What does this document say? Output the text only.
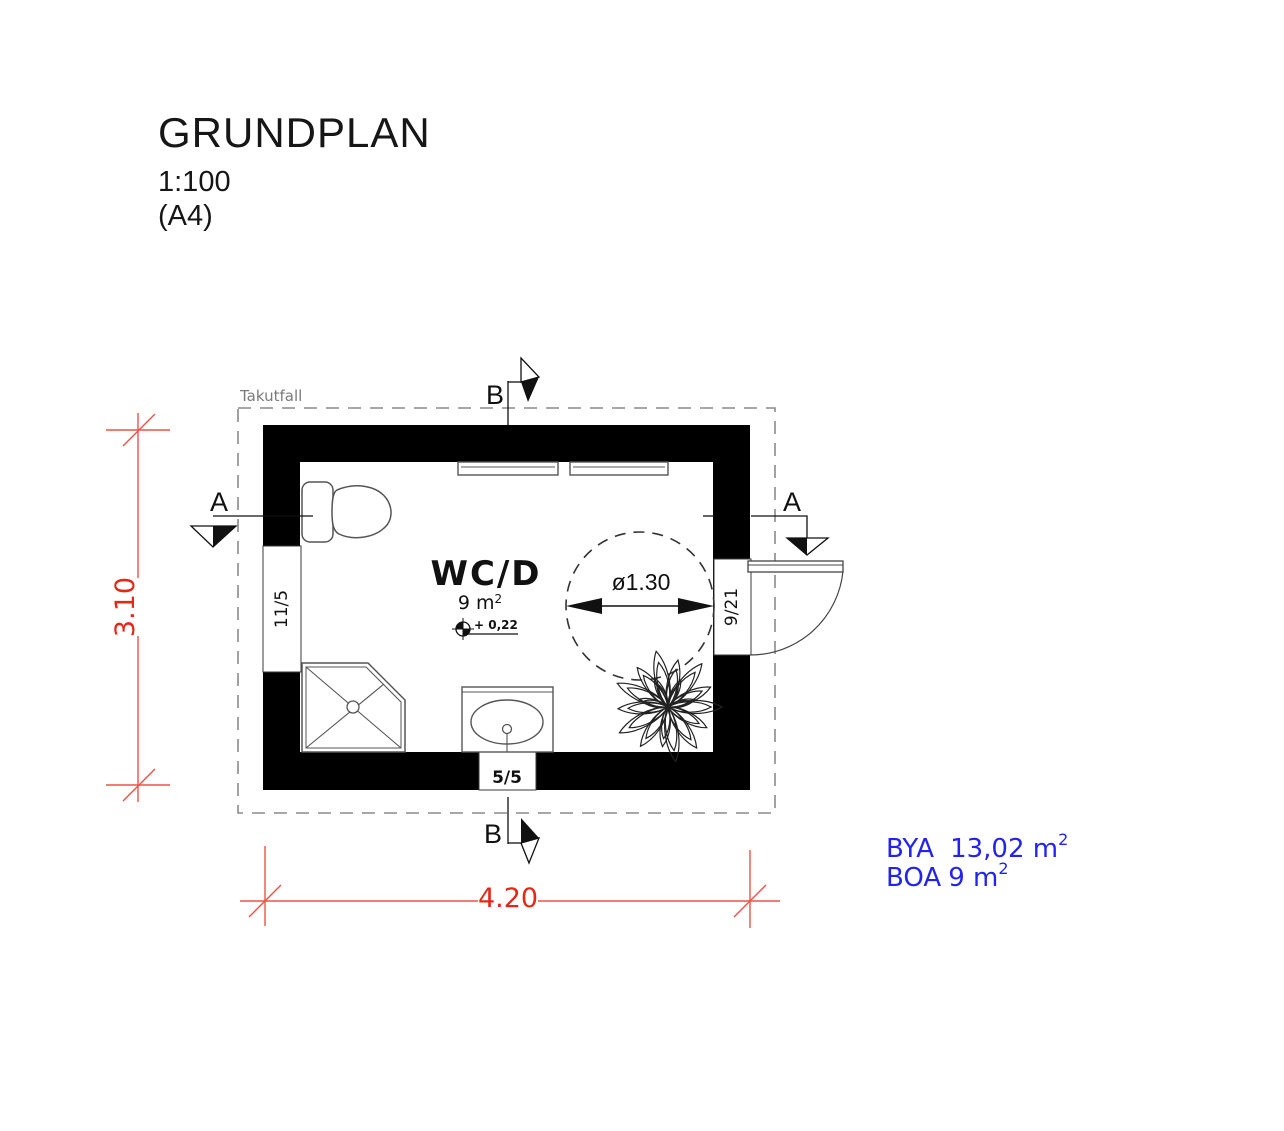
GRUNDPLAN
1:100
(A4)
Takutfall
11/5	9/21
5/5
ø1.30
+ 0,22
WC/D
9 $m^2$
A	A
B
B
3.10
4.20
BYA 13,02 $m^2$
BOA 9 $m^2$
